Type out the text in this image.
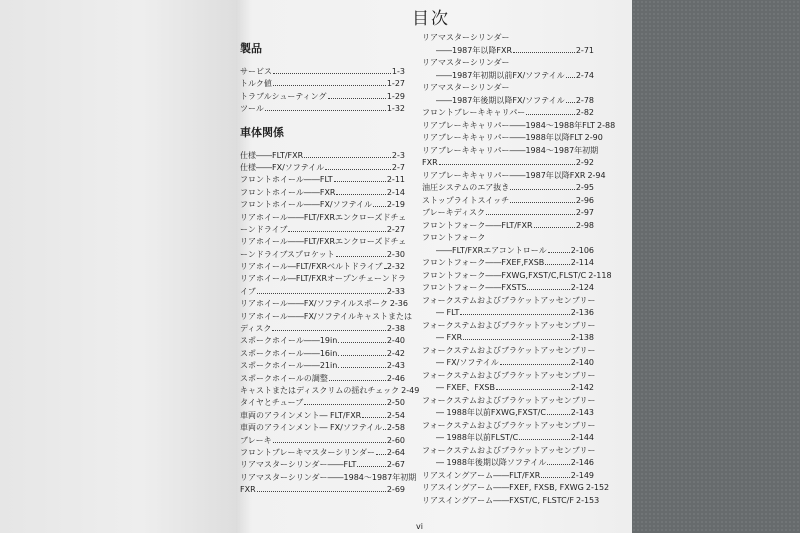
目次
製品
サービス	1-3
トルク値	1-27
トラブルシューティング	1-29
ツール	1-32
車体関係
仕様――FLT/FXR	2-3
仕様――FX/ソフテイル	2-7
フロントホイール――FLT	2-11
フロントホイール――FXR	2-14
フロントホイール――FX/ソフテイル 2-19
リアホイール――FLT/FXRエンクローズドチェ
ーンドライブ	2-27
リアホイール――FLT/FXRエンクローズドチェ
ーンドライブスプロケット	2-30
リアホイール―FLT/FXRベルトドライブ 2-32
リアホイール―FLT/FXRオープンチェーンドラ
イブ	2-33
リアホイール――FX/ソフテイルスポーク 2-36
リアホイール――FX/ソフテイルキャストまたは
ディスク	2-38
スポークホイール――19in.	2-40
スポークホイール――16in.	2-42
スポークホイール――21in.	2-43
スポークホイールの調整	2-46
キャストまたはディスクリムの揺れチェック 2-49
タイヤとチューブ	2-50
車両のアラインメント― FLT/FXR	2-54
車両のアラインメント― FX/ソフテイル 2-58
ブレーキ	2-60
フロントブレーキマスターシリンダー 2-64
リアマスターシリンダー――FLT	2-67
リアマスターシリンダー――1984～1987年初期
FXR	2-69
リアマスターシリンダー
――1987年以降FXR	2-71
リアマスターシリンダー
――1987年初期以前FX/ソフテイル 2-74
リアマスターシリンダー
――1987年後期以降FX/ソフテイル 2-78
フロントブレーキキャリパー	2-82
リアブレーキキャリパー――1984～1988年FLT 2-88
リアブレーキキャリパー――1988年以降FLT 2-90
リアブレーキキャリパー――1984～1987年初期
FXR	2-92
リアブレーキキャリパー――1987年以降FXR 2-94
油圧システムのエア抜き	2-95
ストップライトスイッチ	2-96
ブレーキディスク	2-97
フロントフォーク――FLT/FXR	2-98
フロントフォーク
――FLT/FXRエアコントロール	2-106
フロントフォーク――FXEF,FXSB	2-114
フロントフォーク――FXWG,FXST/C,FLST/C 2-118
フロントフォーク――FXSTS	2-124
フォークステムおよびブラケットアッセンブリー
― FLT	2-136
フォークステムおよびブラケットアッセンブリー
― FXR	2-138
フォークステムおよびブラケットアッセンブリー
― FX/ソフテイル	2-140
フォークステムおよびブラケットアッセンブリー
― FXEF、FXSB	2-142
フォークステムおよびブラケットアッセンブリー
― 1988年以前FXWG,FXST/C	2-143
フォークステムおよびブラケットアッセンブリー
― 1988年以前FLST/C	2-144
フォークステムおよびブラケットアッセンブリー
― 1988年後期以降ソフテイル	2-146
リアスイングアーム――FLT/FXR	2-149
リアスイングアーム――FXEF, FXSB, FXWG 2-152
リアスイングアーム――FXST/C, FLSTC/F 2-153
vi
